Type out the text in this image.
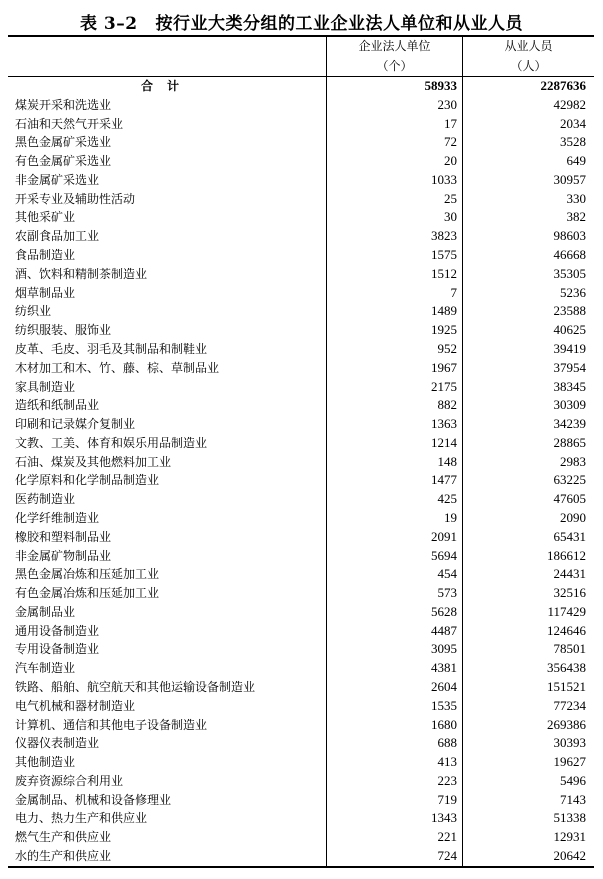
表 3–2 按行业大类分组的工业企业法人单位和从业人员
	企业法人单位	从业人员
	（个）	（人）
合计	58933	2287636
煤炭开采和洗选业	230	42982
石油和天然气开采业	17	2034
黑色金属矿采选业	72	3528
有色金属矿采选业	20	649
非金属矿采选业	1033	30957
开采专业及辅助性活动	25	330
其他采矿业	30	382
农副食品加工业	3823	98603
食品制造业	1575	46668
酒、饮料和精制茶制造业	1512	35305
烟草制品业	7	5236
纺织业	1489	23588
纺织服装、服饰业	1925	40625
皮革、毛皮、羽毛及其制品和制鞋业	952	39419
木材加工和木、竹、藤、棕、草制品业	1967	37954
家具制造业	2175	38345
造纸和纸制品业	882	30309
印刷和记录媒介复制业	1363	34239
文教、工美、体育和娱乐用品制造业	1214	28865
石油、煤炭及其他燃料加工业	148	2983
化学原料和化学制品制造业	1477	63225
医药制造业	425	47605
化学纤维制造业	19	2090
橡胶和塑料制品业	2091	65431
非金属矿物制品业	5694	186612
黑色金属冶炼和压延加工业	454	24431
有色金属冶炼和压延加工业	573	32516
金属制品业	5628	117429
通用设备制造业	4487	124646
专用设备制造业	3095	78501
汽车制造业	4381	356438
铁路、船舶、航空航天和其他运输设备制造业	2604	151521
电气机械和器材制造业	1535	77234
计算机、通信和其他电子设备制造业	1680	269386
仪器仪表制造业	688	30393
其他制造业	413	19627
废弃资源综合利用业	223	5496
金属制品、机械和设备修理业	719	7143
电力、热力生产和供应业	1343	51338
燃气生产和供应业	221	12931
水的生产和供应业	724	20642
